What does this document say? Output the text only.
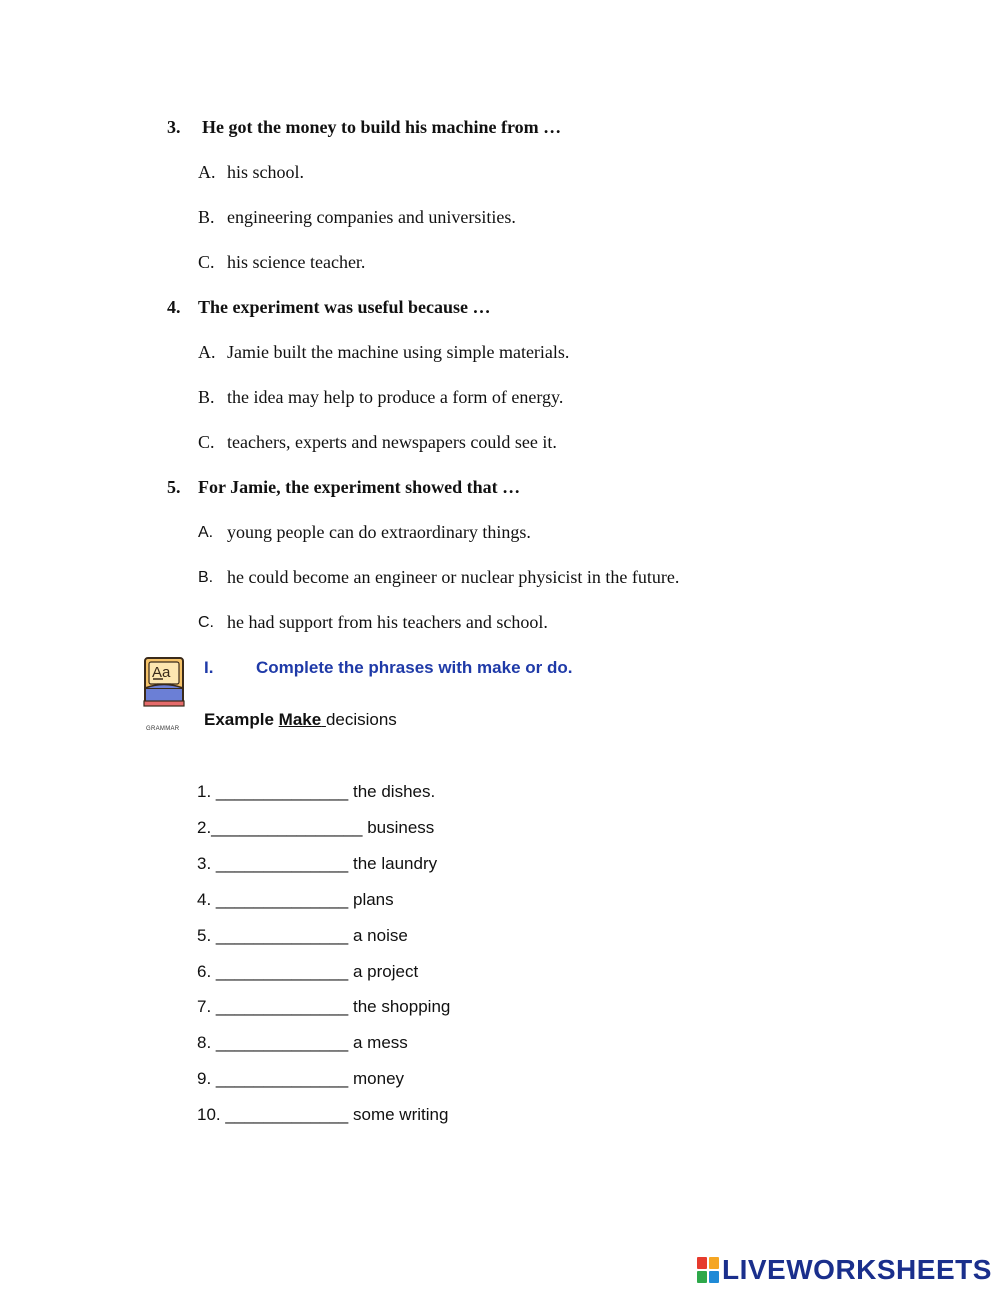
3. He got the money to build his machine from …
A. his school.
B. engineering companies and universities.
C. his science teacher.
4. The experiment was useful because …
A. Jamie built the machine using simple materials.
B. the idea may help to produce a form of energy.
C. teachers, experts and newspapers could see it.
5. For Jamie, the experiment showed that …
A. young people can do extraordinary things.
B. he could become an engineer or nuclear physicist in the future.
C. he had support from his teachers and school.
Aa
GRAMMAR
I.	Complete the phrases with make or do.
Example Make decisions
1. ______________ the dishes.
2.________________ business
3. ______________ the laundry
4. ______________ plans
5. ______________ a noise
6. ______________ a project
7. ______________ the shopping
8. ______________ a mess
9. ______________ money
10. _____________ some writing
LIVEWORKSHEETS
